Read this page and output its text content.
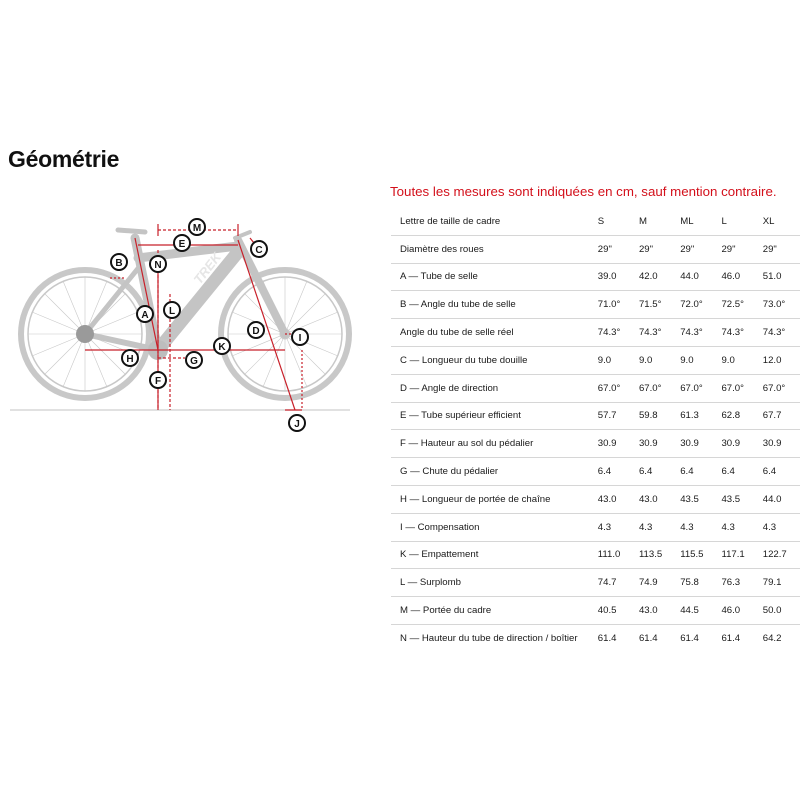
Géométrie
Toutes les mesures sont indiquées en cm, sauf mention contraire.
TREK
M
E
C
B	N
A L
D
I
H	G
K
F
J
Lettre de taille de cadre	S	M	ML	L	XL
Diamètre des roues	29"	29"	29"	29"	29"
A — Tube de selle	39.0	42.0	44.0	46.0	51.0
B — Angle du tube de selle	71.0°	71.5°	72.0°	72.5°	73.0°
Angle du tube de selle réel	74.3°	74.3°	74.3°	74.3°	74.3°
C — Longueur du tube douille	9.0	9.0	9.0	9.0	12.0
D — Angle de direction	67.0°	67.0°	67.0°	67.0°	67.0°
E — Tube supérieur efficient	57.7	59.8	61.3	62.8	67.7
F — Hauteur au sol du pédalier	30.9	30.9	30.9	30.9	30.9
G — Chute du pédalier	6.4	6.4	6.4	6.4	6.4
H — Longueur de portée de chaîne	43.0	43.0	43.5	43.5	44.0
I — Compensation	4.3	4.3	4.3	4.3	4.3
K — Empattement	111.0	113.5	115.5	117.1	122.7
L — Surplomb	74.7	74.9	75.8	76.3	79.1
M — Portée du cadre	40.5	43.0	44.5	46.0	50.0
N — Hauteur du tube de direction / boîtier	61.4	61.4	61.4	61.4	64.2
